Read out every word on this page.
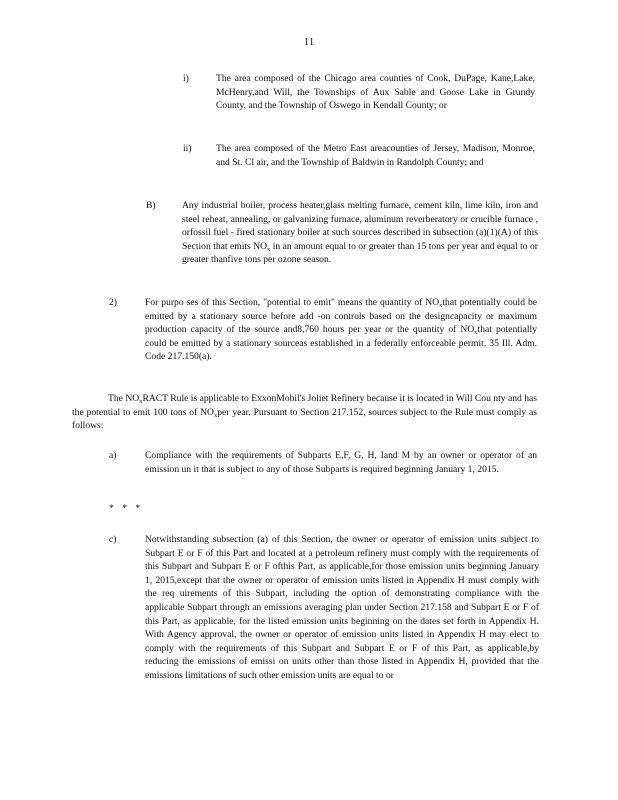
11
i)	The area composed of the Chicago area counties of Cook, DuPage, Kane,Lake, McHenry,and Will, the Townships of Aux Sable and Goose Lake in Grundy County, and the Township of Oswego in Kendall County; or
ii)	The area composed of the Metro East areacounties of Jersey, Madison, Monroe, and St. Cl air, and the Township of Baldwin in Randolph County; and
B)	Any industrial boiler, process heater,glass melting furnace, cement kiln, lime kiln, iron and steel reheat, annealing, or galvanizing furnace, aluminum reverberatory or crucible furnace , orfossil fuel - fired stationary boiler at such sources described in subsection (a)(1)(A) of this Section that emits $NO_x$ in an amount equal to or greater than 15 tons per year and equal to or greater thanfive tons per ozone season.
2)	For purpo ses of this Section, "potential to emit" means the quantity of $NO_xthat$ potentially could be emitted by a stationary source before add -on controls based on the designcapacity or maximum production capacity of the source and8,760 hours per year or the quantity of $NO_xthat$ potentially could be emitted by a stationary sourceas established in a federally enforceable permit. 35 Ill. Adm. Code 217.150(a).
The $NO_xRACT$ Rule is applicable to ExxonMobil's Joliet Refinery because it is located in Will Cou nty and has the potential to emit 100 tons of $NO_xper$ year. Pursuant to Section 217.152, sources subject to the Rule must comply as follows:
a)	Compliance with the requirements of Subparts E,F, G, H, Iand M by an owner or operator of an emission un it that is subject to any of those Subparts is required beginning January 1, 2015.
* * *
c)	Notwithstanding subsection (a) of this Section, the owner or operator of emission units subject to Subpart E or F of this Part and located at a petroleum refinery must comply with the requirements of this Subpart and Subpart E or F ofthis Part, as applicable,for those emission units beginning January 1, 2015,except that the owner or operator of emission units listed in Appendix H must comply with the req uirements of this Subpart, including the option of demonstrating compliance with the applicable Subpart through an emissions averaging plan under Section 217.158 and Subpart E or F of this Part, as applicable, for the listed emission units beginning on the dates set forth in Appendix H. With Agency approval, the owner or operator of emission units listed in Appendix H may elect to comply with the requirements of this Subpart and Subpart E or F of this Part, as applicable,by reducing the emissions of emissi on units other than those listed in Appendix H, provided that the emissions limitations of such other emission units are equal to or
